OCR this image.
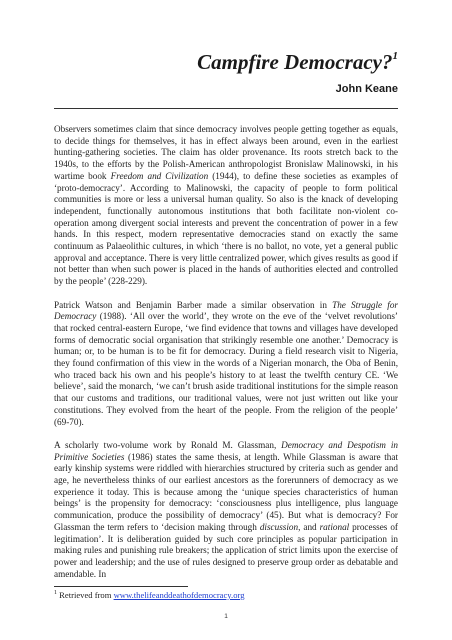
Campfire Democracy?$^1$
John Keane

Observers sometimes claim that since democracy involves people getting together as equals, to decide things for themselves, it has in effect always been around, even in the earliest hunting-gathering societies. The claim has older provenance. Its roots stretch back to the 1940s, to the efforts by the Polish-American anthropologist Bronislaw Malinowski, in his wartime book Freedom and Civilization (1944), to define these societies as examples of ‘proto-democracy’. According to Malinowski, the capacity of people to form political communities is more or less a universal human quality. So also is the knack of developing independent, functionally autonomous institutions that both facilitate non-violent co-operation among divergent social interests and prevent the concentration of power in a few hands. In this respect, modern representative democracies stand on exactly the same continuum as Palaeolithic cultures, in which ‘there is no ballot, no vote, yet a general public approval and acceptance. There is very little centralized power, which gives results as good if not better than when such power is placed in the hands of authorities elected and controlled by the people’ (228-229).

Patrick Watson and Benjamin Barber made a similar observation in The Struggle for Democracy (1988). ‘All over the world’, they wrote on the eve of the ‘velvet revolutions’ that rocked central-eastern Europe, ‘we find evidence that towns and villages have developed forms of democratic social organisation that strikingly resemble one another.’ Democracy is human; or, to be human is to be fit for democracy. During a field research visit to Nigeria, they found confirmation of this view in the words of a Nigerian monarch, the Oba of Benin, who traced back his own and his people’s history to at least the twelfth century CE. ‘We believe’, said the monarch, ‘we can’t brush aside traditional institutions for the simple reason that our customs and traditions, our traditional values, were not just written out like your constitutions. They evolved from the heart of the people. From the religion of the people’ (69-70).

A scholarly two-volume work by Ronald M. Glassman, Democracy and Despotism in Primitive Societies (1986) states the same thesis, at length. While Glassman is aware that early kinship systems were riddled with hierarchies structured by criteria such as gender and age, he nevertheless thinks of our earliest ancestors as the forerunners of democracy as we experience it today. This is because among the ‘unique species characteristics of human beings’ is the propensity for democracy: ‘consciousness plus intelligence, plus language communication, produce the possibility of democracy’ (45). But what is democracy? For Glassman the term refers to ‘decision making through discussion, and rational processes of legitimation’. It is deliberation guided by such core principles as popular participation in making rules and punishing rule breakers; the application of strict limits upon the exercise of power and leadership; and the use of rules designed to preserve group order as debatable and amendable. In

$^1$ Retrieved from www.thelifeanddeathofdemocracy.org
1
